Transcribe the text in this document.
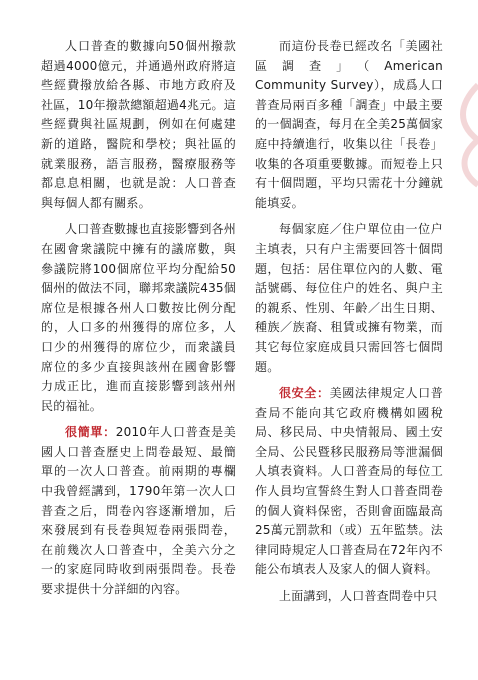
人口普查的數據向50個州撥款超過4000億元，并通過州政府將這些經費撥放給各縣、市地方政府及社區，10年撥款總額超過4兆元。這些經費與社區規劃，例如在何處建新的道路，醫院和學校；與社區的就業服務，語言服務，醫療服務等都息息相關，也就是說：人口普查與每個人都有關系。

人口普查數據也直接影響到各州在國會衆議院中擁有的議席數，與參議院將100個席位平均分配給50個州的做法不同，聯邦衆議院435個席位是根據各州人口數按比例分配的，人口多的州獲得的席位多，人口少的州獲得的席位少，而衆議員席位的多少直接與該州在國會影響力成正比，進而直接影響到該州州民的福祉。

很簡單：2010年人口普查是美國人口普查歷史上問卷最短、最簡單的一次人口普查。前兩期的專欄中我曾經講到，1790年第一次人口普查之后，問卷內容逐漸增加，后來發展到有長卷與短卷兩張問卷，在前幾次人口普查中，全美六分之一的家庭同時收到兩張問卷。長卷要求提供十分詳細的內容。

而這份長卷已經改名「美國社區調查」（American Community Survey），成爲人口普查局兩百多種「調查」中最主要的一個調查，每月在全美25萬個家庭中持續進行，收集以往「長卷」收集的各項重要數據。而短卷上只有十個問題，平均只需花十分鐘就能填妥。

每個家庭／住户單位由一位户主填表，只有户主需要回答十個問題，包括：居住單位內的人數、電話號碼、每位住户的姓名、與户主的親系、性別、年齡／出生日期、種族／族裔、租賃或擁有物業，而其它每位家庭成員只需回答七個問題。

很安全：美國法律規定人口普查局不能向其它政府機構如國稅局、移民局、中央情報局、國土安全局、公民暨移民服務局等泄漏個人填表資料。人口普查局的每位工作人員均宣誓終生對人口普查問卷的個人資料保密，否則會面臨最高25萬元罰款和（或）五年監禁。法律同時規定人口普查局在72年內不能公布填表人及家人的個人資料。

上面講到，人口普查問卷中只
